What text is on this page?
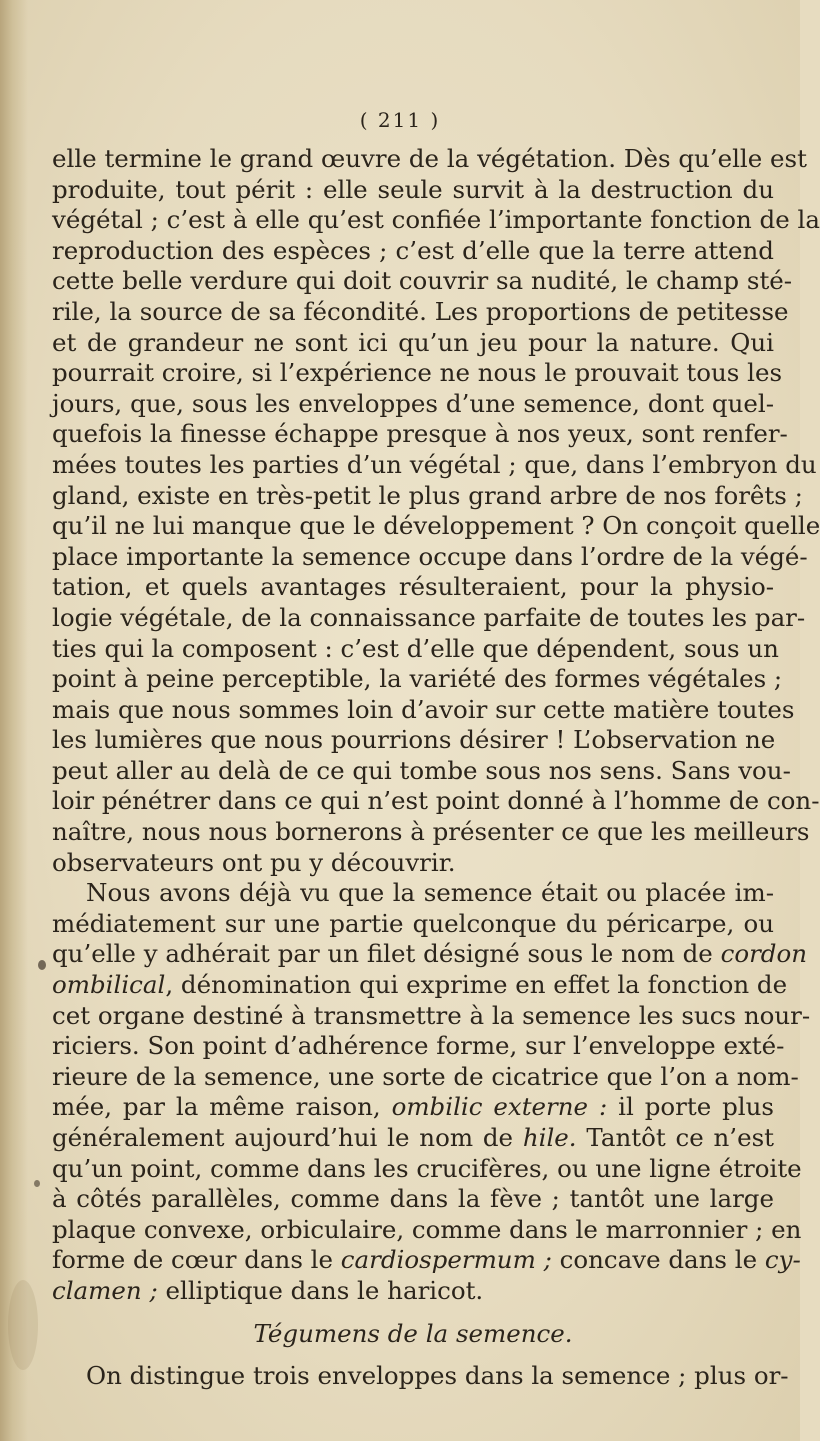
( 211 )
elle termine le grand œuvre de la végétation. Dès qu’elle est
produite, tout périt : elle seule survit à la destruction du
végétal ; c’est à elle qu’est confiée l’importante fonction de la
reproduction des espèces ; c’est d’elle que la terre attend
cette belle verdure qui doit couvrir sa nudité, le champ sté-
rile, la source de sa fécondité. Les proportions de petitesse
et de grandeur ne sont ici qu’un jeu pour la nature. Qui
pourrait croire, si l’expérience ne nous le prouvait tous les
jours, que, sous les enveloppes d’une semence, dont quel-
quefois la finesse échappe presque à nos yeux, sont renfer-
mées toutes les parties d’un végétal ; que, dans l’embryon du
gland, existe en très-petit le plus grand arbre de nos forêts ;
qu’il ne lui manque que le développement ? On conçoit quelle
place importante la semence occupe dans l’ordre de la végé-
tation, et quels avantages résulteraient, pour la physio-
logie végétale, de la connaissance parfaite de toutes les par-
ties qui la composent : c’est d’elle que dépendent, sous un
point à peine perceptible, la variété des formes végétales ;
mais que nous sommes loin d’avoir sur cette matière toutes
les lumières que nous pourrions désirer ! L’observation ne
peut aller au delà de ce qui tombe sous nos sens. Sans vou-
loir pénétrer dans ce qui n’est point donné à l’homme de con-
naître, nous nous bornerons à présenter ce que les meilleurs
observateurs ont pu y découvrir.
Nous avons déjà vu que la semence était ou placée im-
médiatement sur une partie quelconque du péricarpe, ou
qu’elle y adhérait par un filet désigné sous le nom de cordon
ombilical, dénomination qui exprime en effet la fonction de
cet organe destiné à transmettre à la semence les sucs nour-
riciers. Son point d’adhérence forme, sur l’enveloppe exté-
rieure de la semence, une sorte de cicatrice que l’on a nom-
mée, par la même raison, ombilic externe : il porte plus
généralement aujourd’hui le nom de hile. Tantôt ce n’est
qu’un point, comme dans les crucifères, ou une ligne étroite
à côtés parallèles, comme dans la fève ; tantôt une large
plaque convexe, orbiculaire, comme dans le marronnier ; en
forme de cœur dans le cardiospermum ; concave dans le cy-
clamen ; elliptique dans le haricot.
Tégumens de la semence.
On distingue trois enveloppes dans la semence ; plus or-
